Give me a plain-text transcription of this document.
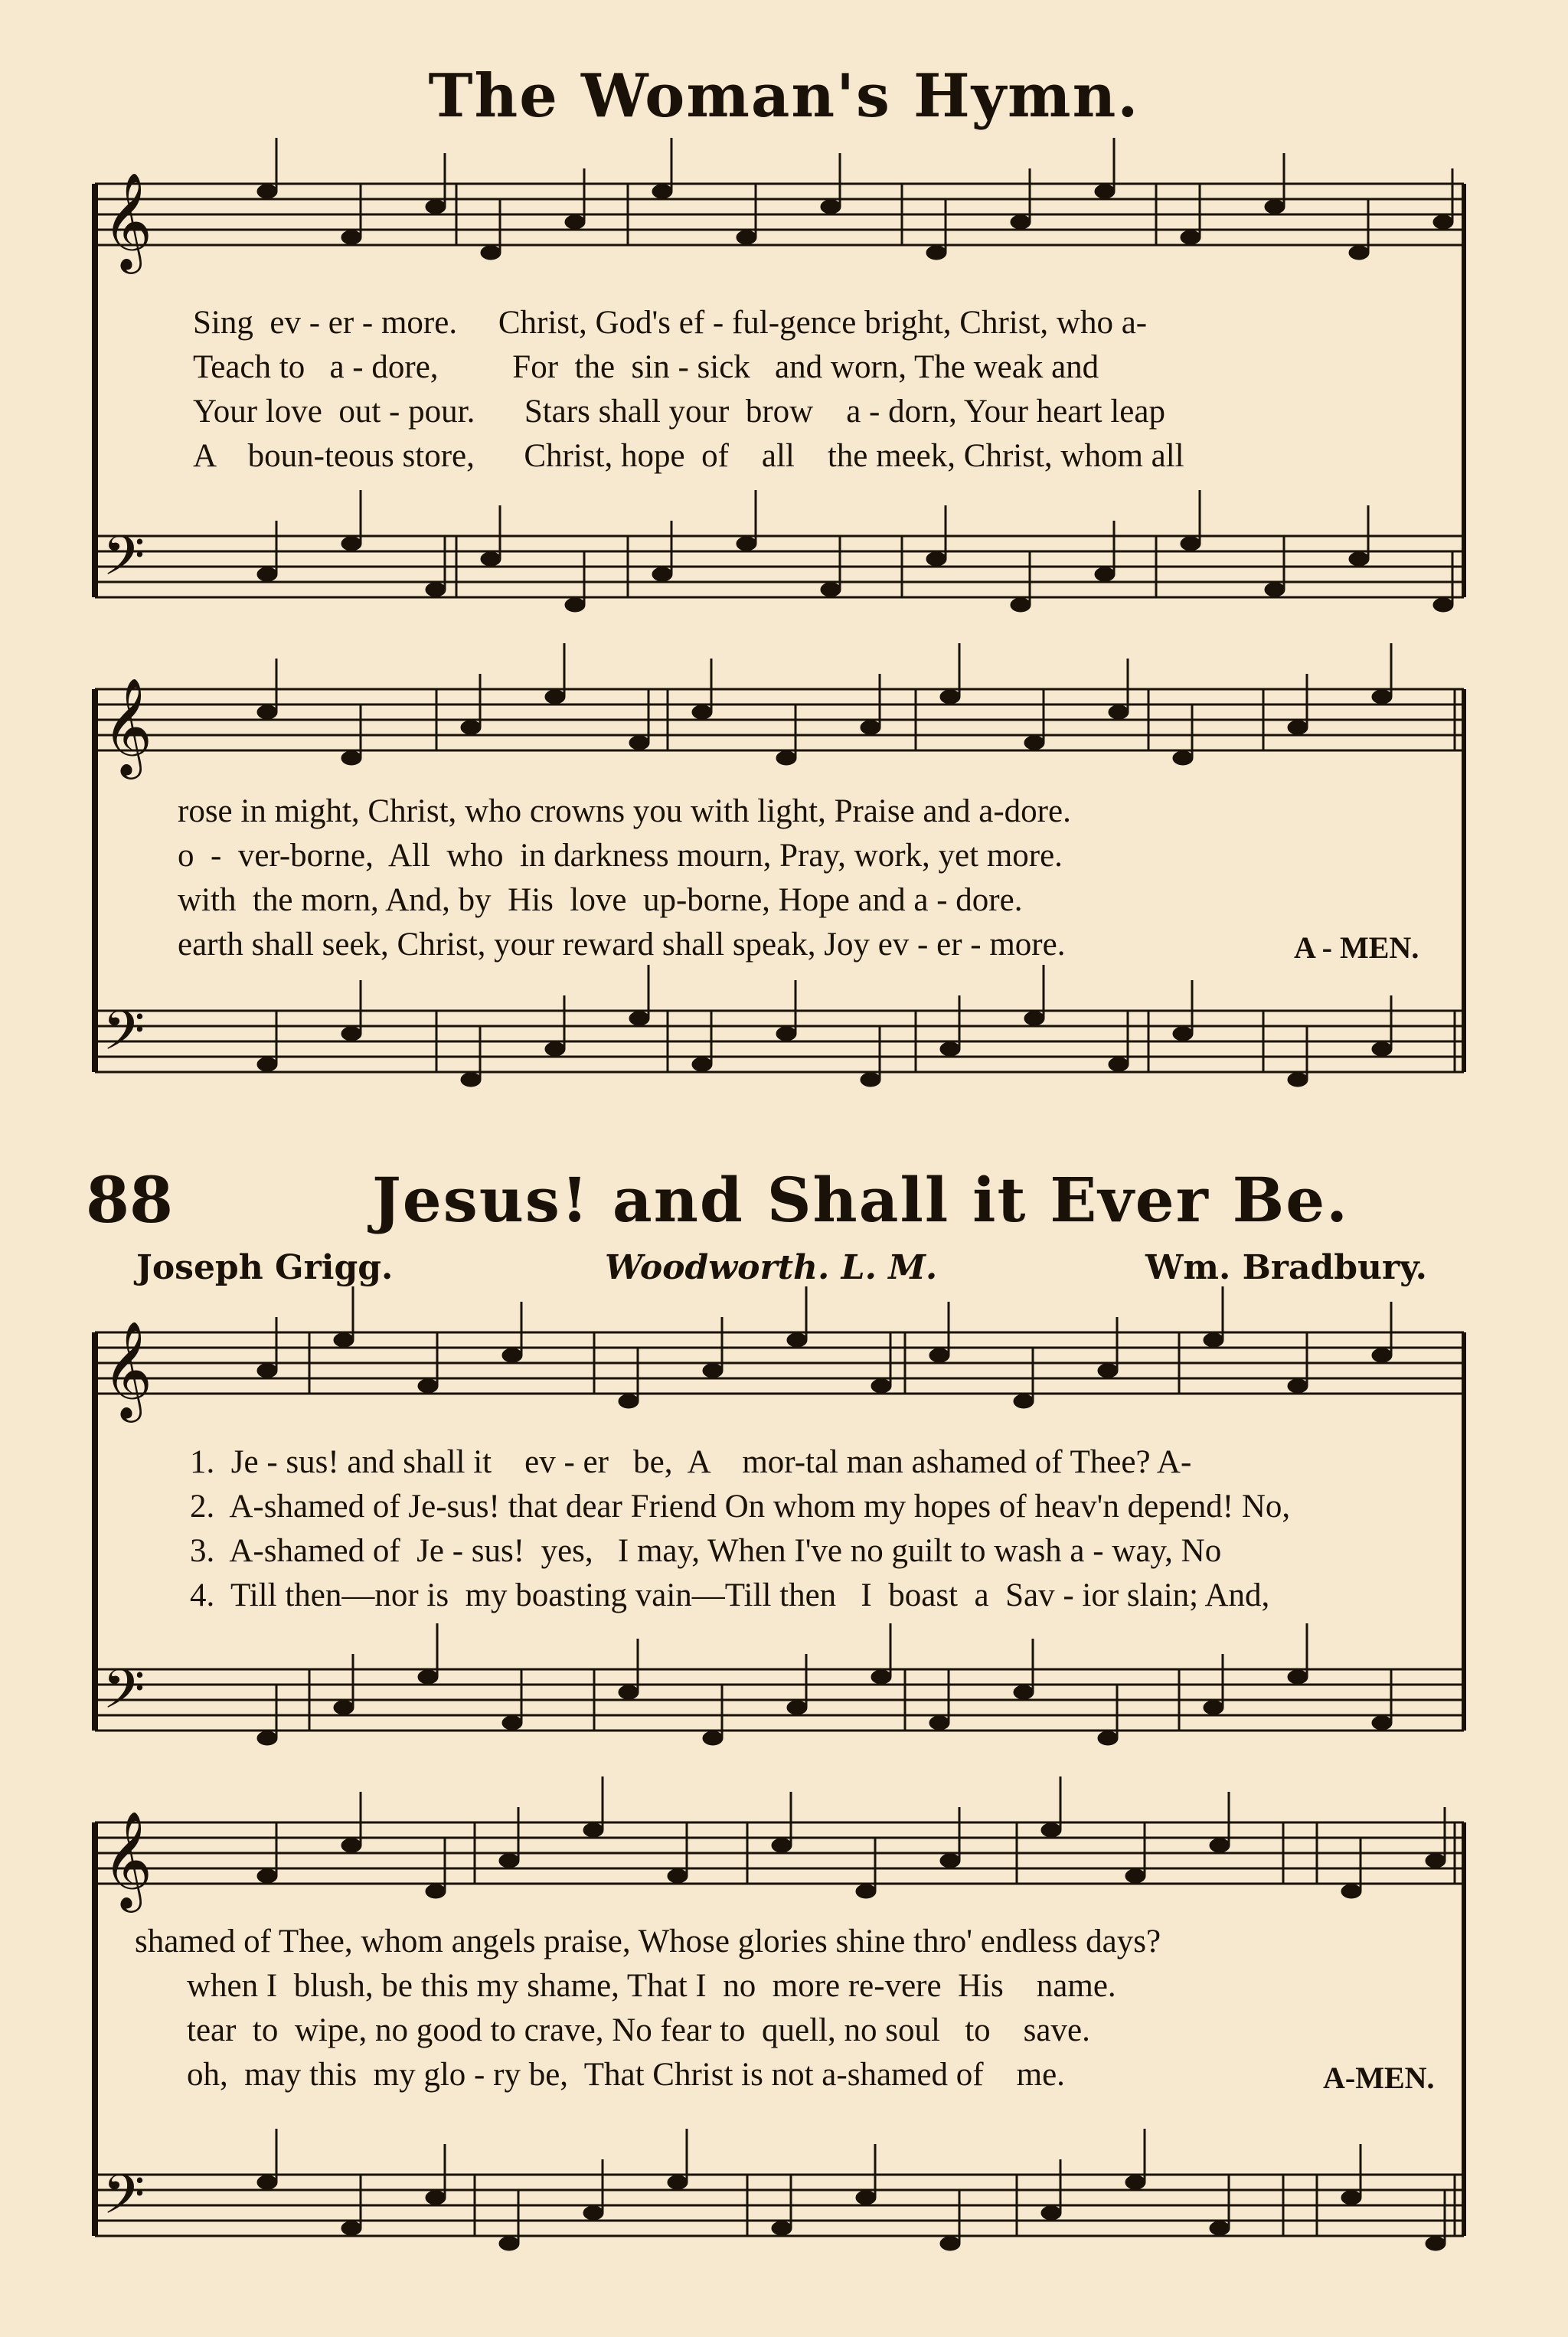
The Woman's Hymn.
88	Jesus! and Shall it Ever Be.
Joseph Grigg.	Woodworth. L. M.	Wm. Bradbury.
𝄞
𝄢
𝄞
𝄢
𝄞
𝄢
𝄞
𝄢
Sing  ev - er - more.     Christ, God's ef - ful-gence bright, Christ, who a-
Teach to   a - dore,         For  the  sin - sick   and worn, The weak and
Your love  out - pour.      Stars shall your  brow    a - dorn, Your heart leap
A    boun-teous store,      Christ, hope  of    all    the meek, Christ, whom all
rose in might, Christ, who crowns you with light, Praise and a-dore.
o  -  ver-borne,  All  who  in darkness mourn, Pray, work, yet more.
with  the morn, And, by  His  love  up-borne, Hope and a - dore.
earth shall seek, Christ, your reward shall speak, Joy ev - er - more.	A - MEN.
1.  Je - sus! and shall it    ev - er   be,  A    mor-tal man ashamed of Thee? A-
2.  A-shamed of Je-sus! that dear Friend On whom my hopes of heav'n depend! No,
3.  A-shamed of  Je - sus!  yes,   I may, When I've no guilt to wash a - way, No
4.  Till then—nor is  my boasting vain—Till then   I  boast  a  Sav - ior slain; And,
shamed of Thee, whom angels praise, Whose glories shine thro' endless days?
when I  blush, be this my shame, That I  no  more re-vere  His    name.
tear  to  wipe, no good to crave, No fear to  quell, no soul   to    save.
oh,  may this  my glo - ry be,  That Christ is not a-shamed of    me.	A-MEN.
